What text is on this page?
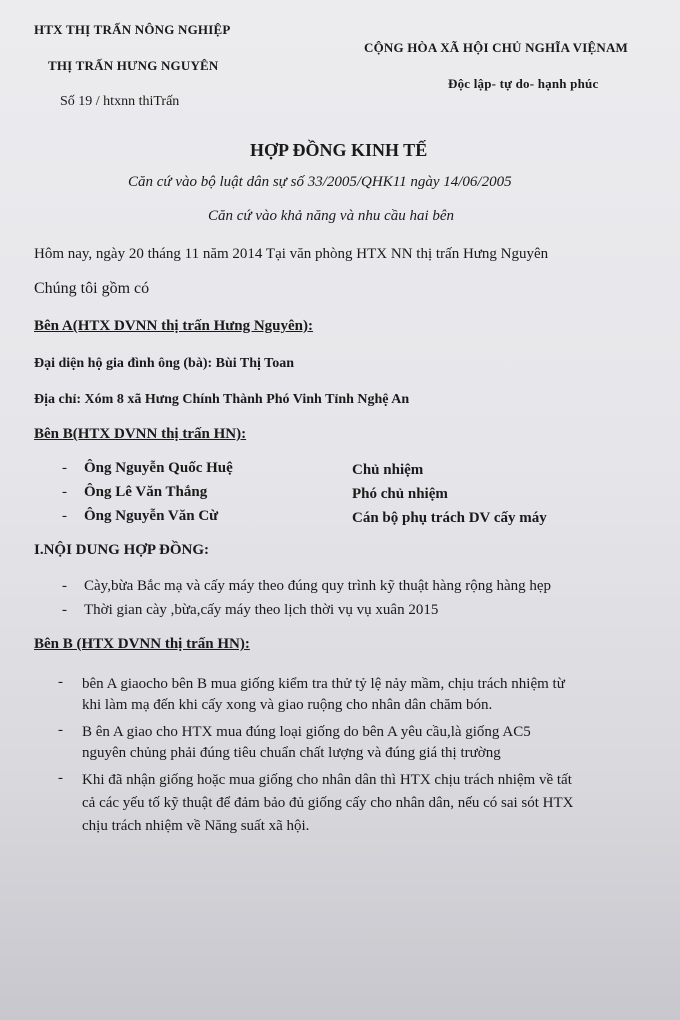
HTX THỊ TRẤN NÔNG NGHIỆP
THỊ TRẤN HƯNG NGUYÊN
Số 19 / htxnn thiTrấn
CỘNG HÒA XÃ HỘI CHỦ NGHĨA VIỆNAM
Độc lập- tự do- hạnh phúc
HỢP ĐỒNG KINH TẾ
Căn cứ vào bộ luật dân sự số 33/2005/QHK11 ngày 14/06/2005
Căn cứ vào khả năng và nhu cầu hai bên
Hôm nay, ngày 20 tháng 11 năm 2014 Tại văn phòng HTX NN thị trấn Hưng Nguyên
Chúng tôi gồm có
Bên A(HTX DVNN thị trấn Hưng Nguyên):
Đại diện hộ gia đình ông (bà): Bùi Thị Toan
Địa chỉ: Xóm 8 xã Hưng Chính Thành Phó Vinh Tỉnh Nghệ An
Bên B(HTX DVNN thị trấn HN):
- Ông Nguyễn Quốc Huệ	Chủ nhiệm
- Ông Lê Văn Thắng	Phó chủ nhiệm
- Ông Nguyễn Văn Cừ	Cán bộ phụ trách DV cấy máy
I.NỘI DUNG HỢP ĐỒNG:
- Cày,bừa Bắc mạ và cấy máy theo đúng quy trình kỹ thuật hàng rộng hàng hẹp
- Thời gian cày ,bừa,cấy máy theo lịch thời vụ vụ xuân 2015
Bên B (HTX DVNN thị trấn HN):
- bên A giaocho bên B mua giống kiểm tra thử tỷ lệ nảy mầm, chịu trách nhiệm từ
khi làm mạ đến khi cấy xong và giao ruộng cho nhân dân chăm bón.
- B ên A giao cho HTX mua đúng loại giống do bên A yêu cầu,là giống AC5
nguyên chủng phải đúng tiêu chuẩn chất lượng và đúng giá thị trường
- Khi đã nhận giống hoặc mua giống cho nhân dân thì HTX chịu trách nhiệm về tất
cả các yếu tố kỹ thuật để đảm bảo đủ giống cấy cho nhân dân, nếu có sai sót HTX
chịu trách nhiệm về Năng suất xã hội.
